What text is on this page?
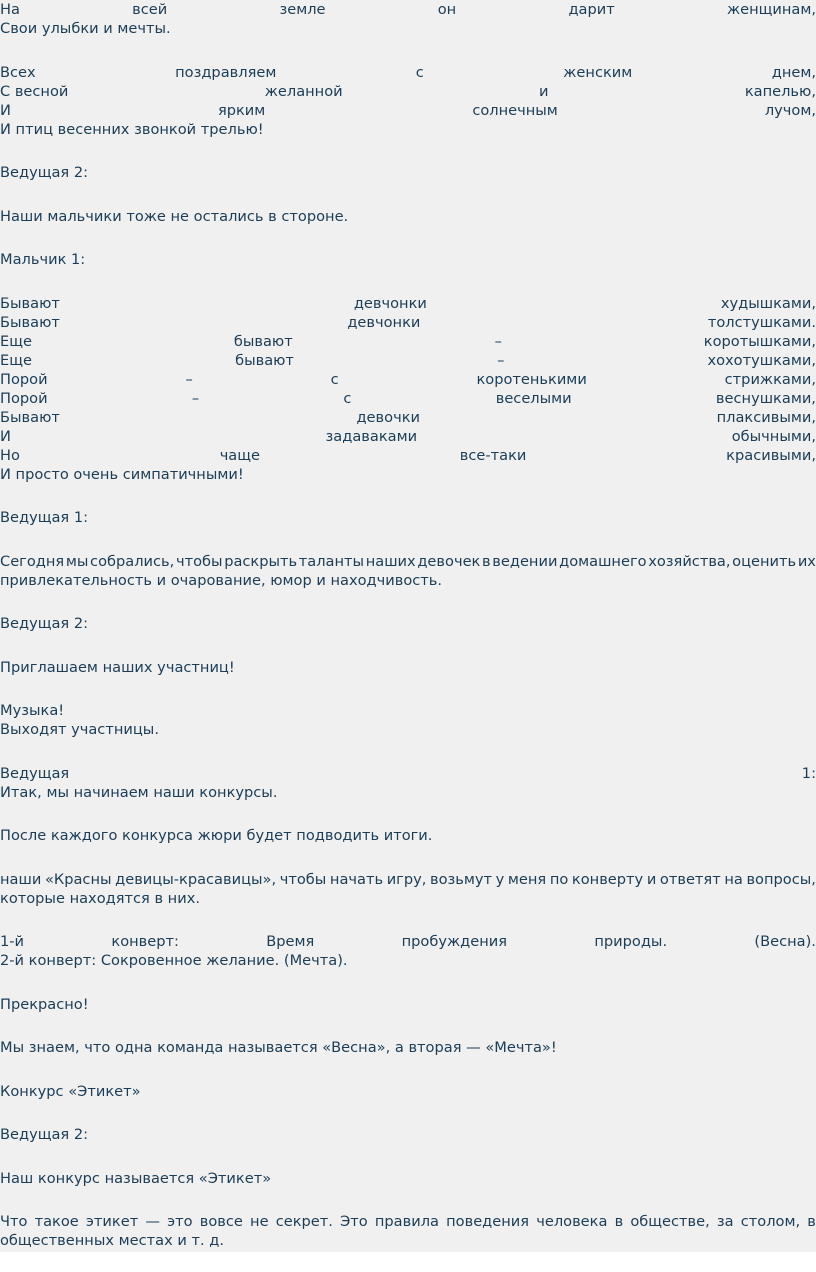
На	всей	земле	он	дарит	женщинам,
Свои улыбки и мечты.
Всех	поздравляем	с	женским	днем,
С весной	желанной	и	капелью,
И	ярким	солнечным	лучом,
И птиц весенних звонкой трелью!
Ведущая 2:
Наши мальчики тоже не остались в стороне.
Мальчик 1:
Бывают	девчонки	худышками,
Бывают	девчонки	толстушками.
Еще	бывают	–	коротышками,
Еще	бывают	–	хохотушками,
Порой	–	с	коротенькими	стрижками,
Порой	–	с	веселыми	веснушками,
Бывают	девочки	плаксивыми,
И	задаваками	обычными,
Но	чаще	все-таки	красивыми,
И просто очень симпатичными!
Ведущая 1:
Сегодня мы собрались, чтобы раскрыть таланты наших девочек в ведении домашнего хозяйства, оценить их
привлекательность и очарование, юмор и находчивость.
Ведущая 2:
Приглашаем наших участниц!
Музыка!
Выходят участницы.
Ведущая	1:
Итак, мы начинаем наши конкурсы.
После каждого конкурса жюри будет подводить итоги.
наши «Красны девицы-красавицы», чтобы начать игру, возьмут у меня по конверту и ответят на вопросы,
которые находятся в них.
1-й	конверт:	Время	пробуждения	природы.	(Весна).
2-й конверт: Сокровенное желание. (Мечта).
Прекрасно!
Мы знаем, что одна команда называется «Весна», а вторая — «Мечта»!
Конкурс «Этикет»
Ведущая 2:
Наш конкурс называется «Этикет»
Что такое этикет — это вовсе не секрет. Это правила поведения человека в обществе, за столом, в
общественных местах и т. д.
